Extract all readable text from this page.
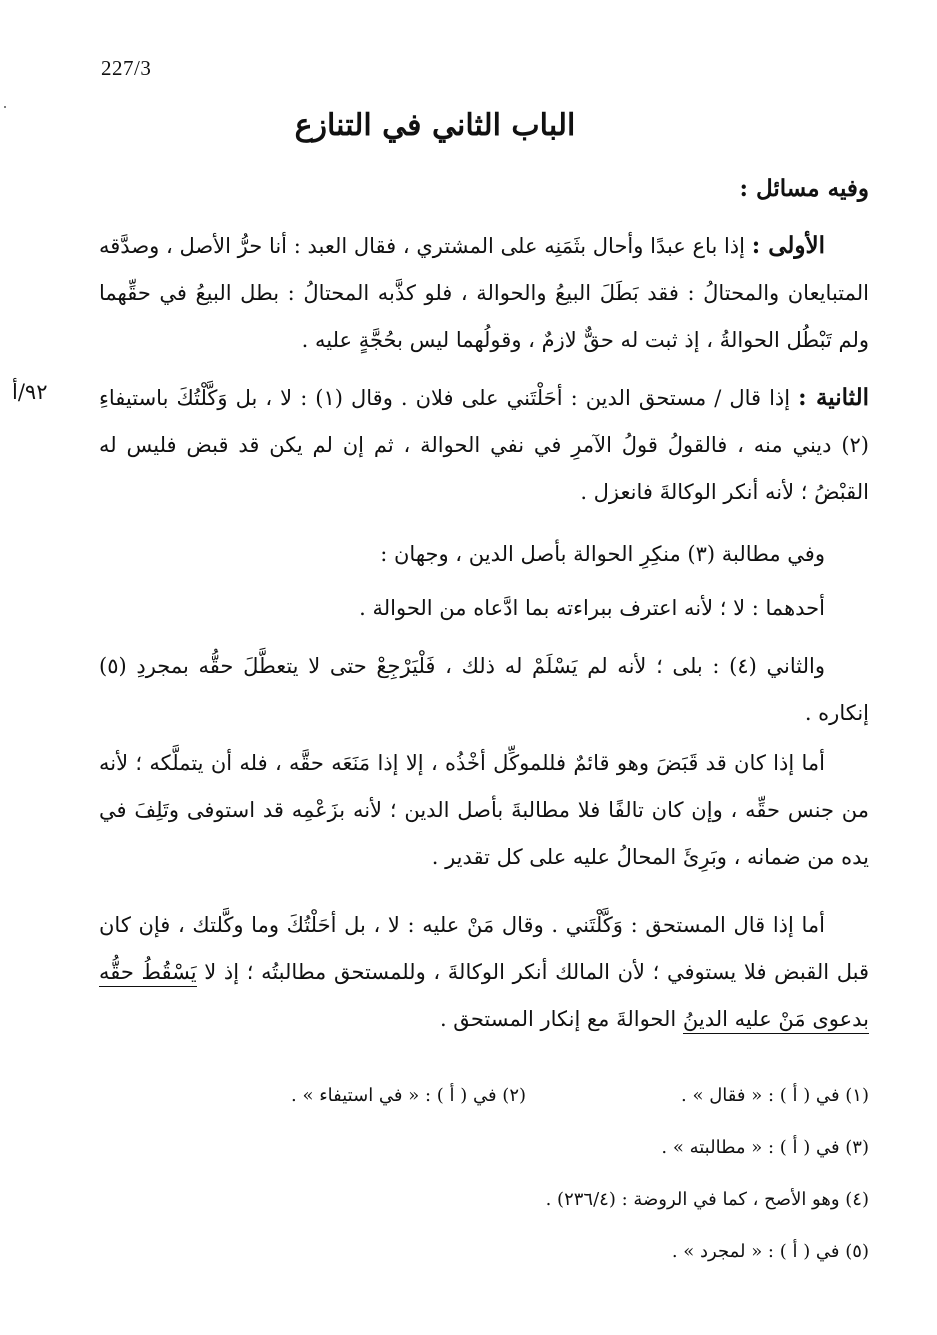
227/3
الباب الثاني في التنازع
وفيه مسائل :
الأولى : إذا باع عبدًا وأحال بثَمَنِه على المشتري ، فقال العبد : أنا حرُّ الأصل ، وصدَّقه المتبايعان والمحتالُ : فقد بَطَلَ البيعُ والحوالة ، فلو كذَّبه المحتالُ : بطل البيعُ في حقِّهما ولم تَبْطُل الحوالةُ ، إذ ثبت له حقٌّ لازمٌ ، وقولُهما ليس بحُجَّةٍ عليه .
٩٢/أ	الثانية : إذا قال / مستحق الدين : أحَلْتَني على فلان . وقال (١) : لا ، بل وَكَّلْتُكَ باستيفاءِ (٢) ديني منه ، فالقولُ قولُ الآمرِ في نفي الحوالة ، ثم إن لم يكن قد قبض فليس له القبْضُ ؛ لأنه أنكر الوكالةَ فانعزل .
وفي مطالبة (٣) منكِرِ الحوالة بأصل الدين ، وجهان :
أحدهما : لا ؛ لأنه اعترف ببراءته بما ادَّعاه من الحوالة .
والثاني (٤) : بلى ؛ لأنه لم يَسْلَمْ له ذلك ، فَلْيَرْجِعْ حتى لا يتعطَّلَ حقُّه بمجردِ (٥) إنكاره .
أما إذا كان قد قَبَضَ وهو قائمٌ فللموكِّل أخْذُه ، إلا إذا مَنَعَه حقَّه ، فله أن يتملَّكه ؛ لأنه من جنس حقِّه ، وإن كان تالفًا فلا مطالبةَ بأصل الدين ؛ لأنه بزَعْمِه قد استوفى وتَلِفَ في يده من ضمانه ، وبَرِئَ المحالُ عليه على كل تقدير .
أما إذا قال المستحق : وَكَّلْتَني . وقال مَنْ عليه : لا ، بل أحَلْتُكَ وما وكَّلتك ، فإن كان قبل القبض فلا يستوفي ؛ لأن المالك أنكر الوكالةَ ، وللمستحق مطالبتُه ؛ إذ لا يَسْقُطُ حقُّه بدعوى مَنْ عليه الدينُ الحوالةَ مع إنكار المستحق .
(١) في ( أ ) : « فقال » .
(٢) في ( أ ) : « في استيفاء » .
(٣) في ( أ ) : « مطالبته » .
(٤) وهو الأصح ، كما في الروضة : (٢٣٦/٤) .
(٥) في ( أ ) : « لمجرد » .
